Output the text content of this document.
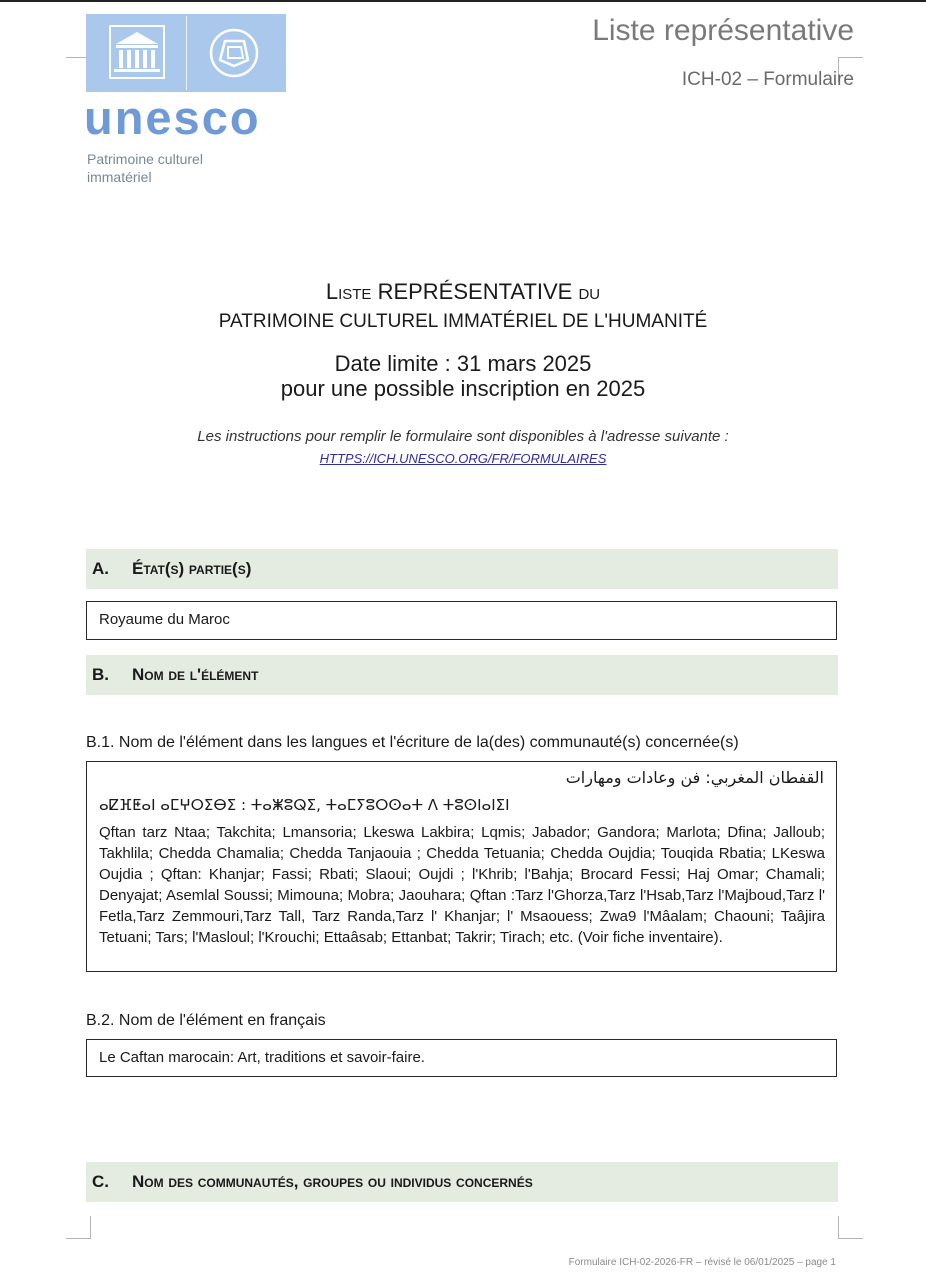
unesco
Patrimoine culturel
immatériel
Liste représentative
ICH-02 – Formulaire
Liste REPRÉSENTATIVE du
PATRIMOINE CULTUREL IMMATÉRIEL DE L'HUMANITÉ
Date limite : 31 mars 2025
pour une possible inscription en 2025
Les instructions pour remplir le formulaire sont disponibles à l'adresse suivante :
HTTPS://ICH.UNESCO.ORG/FR/FORMULAIRES
A. État(s) partie(s)
Royaume du Maroc
B. Nom de l'élément
B.1. Nom de l'élément dans les langues et l'écriture de la(des) communauté(s) concernée(s)
القفطان المغربي: فن وعادات ومهارات
ⴰⵇⴼⵟⴰⵏ ⴰⵎⵖⵔⵉⴱⵉ : ⵜⴰⵥⵓⵕⵉ, ⵜⴰⵎⵢⵓⵔⵙⴰⵜ ⴷ ⵜⵓⵙⵏⴰⵏⵉⵏ
Qftan tarz Ntaa; Takchita; Lmansoria; Lkeswa Lakbira; Lqmis; Jabador; Gandora; Marlota; Dfina; Jalloub; Takhlila; Chedda Chamalia; Chedda Tanjaouia ; Chedda Tetuania; Chedda Oujdia; Touqida Rbatia; LKeswa Oujdia ; Qftan: Khanjar; Fassi; Rbati; Slaoui; Oujdi ; l'Khrib; l'Bahja; Brocard Fessi; Haj Omar; Chamali; Denyajat; Asemlal Soussi; Mimouna; Mobra; Jaouhara; Qftan :Tarz l'Ghorza,Tarz l'Hsab,Tarz l'Majboud,Tarz l' Fetla,Tarz Zemmouri,Tarz Tall, Tarz Randa,Tarz l' Khanjar; l' Msaouess; Zwa9 l'Mâalam; Chaouni; Taâjira Tetuani; Tars; l'Masloul; l'Krouchi; Ettaâsab; Ettanbat; Takrir; Tirach; etc. (Voir fiche inventaire).
B.2. Nom de l'élément en français
Le Caftan marocain: Art, traditions et savoir-faire.
C. Nom des communautés, groupes ou individus concernés
Formulaire ICH-02-2026-FR – révisé le 06/01/2025 – page 1
